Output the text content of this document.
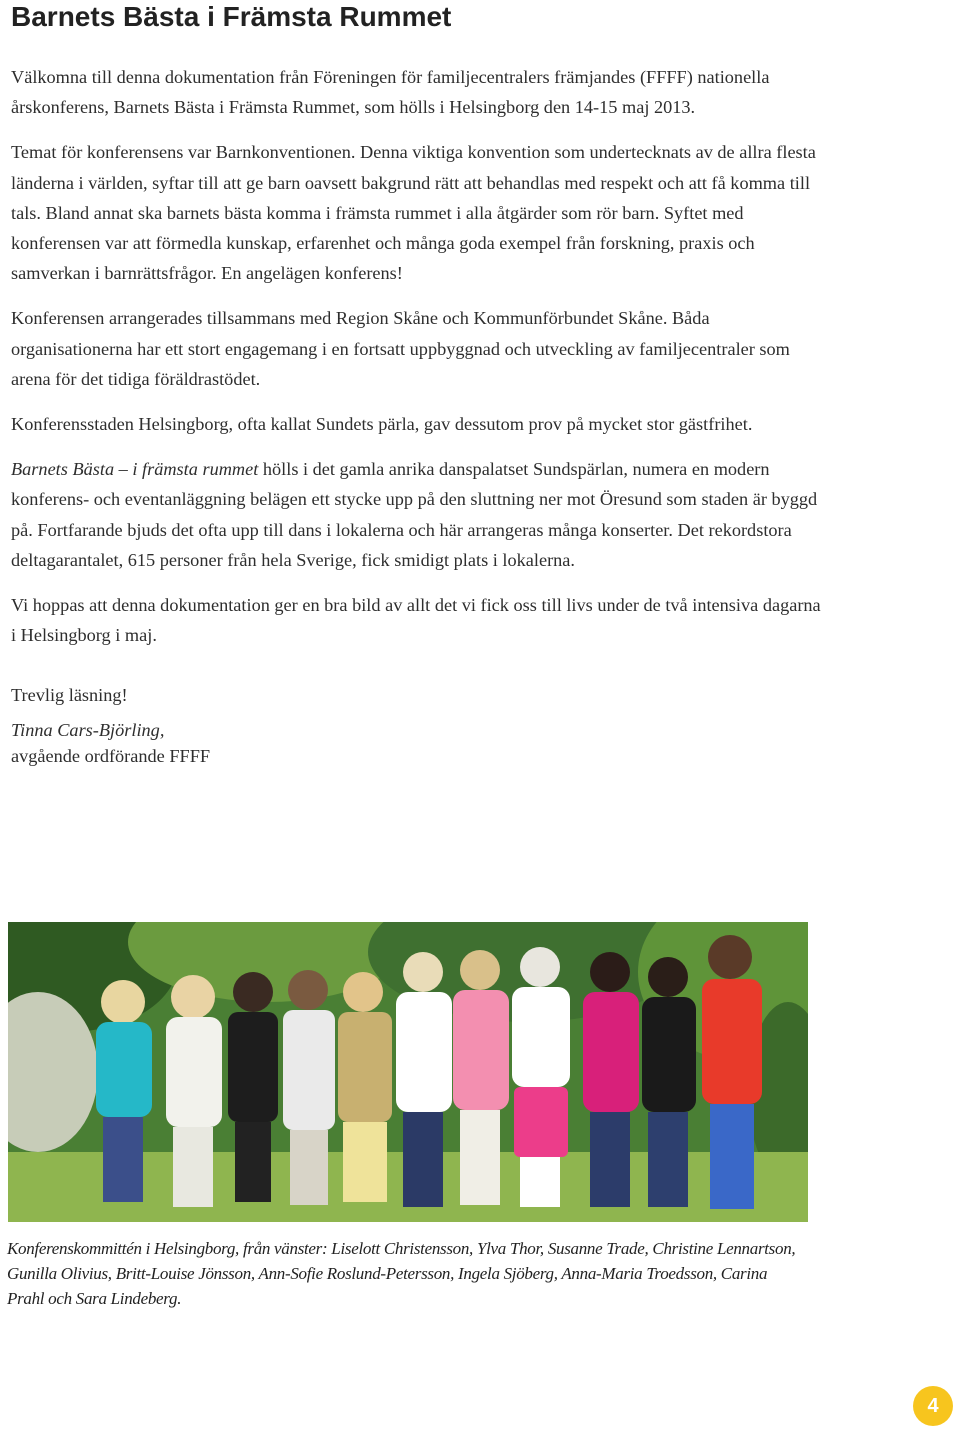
Barnets Bästa i Främsta Rummet

Välkomna till denna dokumentation från Föreningen för familjecentralers främjandes (FFFF) nationella årskonferens, Barnets Bästa i Främsta Rummet, som hölls i Helsingborg den 14-15 maj 2013.

Temat för konferensens var Barnkonventionen. Denna viktiga konvention som undertecknats av de allra flesta länderna i världen, syftar till att ge barn oavsett bakgrund rätt att behandlas med respekt och att få komma till tals. Bland annat ska barnets bästa komma i främsta rummet i alla åtgärder som rör barn. Syftet med konferensen var att förmedla kunskap, erfarenhet och många goda exempel från forskning, praxis och samverkan i barnrättsfrågor. En angelägen konferens!

Konferensen arrangerades tillsammans med Region Skåne och Kommunförbundet Skåne. Båda organisationerna har ett stort engagemang i en fortsatt uppbyggnad och utveckling av familjecentraler som arena för det tidiga föräldrastödet.

Konferensstaden Helsingborg, ofta kallat Sundets pärla, gav dessutom prov på mycket stor gästfrihet.

Barnets Bästa – i främsta rummet hölls i det gamla anrika danspalatset Sundspärlan, numera en modern konferens- och eventanläggning belägen ett stycke upp på den sluttning ner mot Öresund som staden är byggd på. Fortfarande bjuds det ofta upp till dans i lokalerna och här arrangeras många konserter. Det rekordstora deltagarantalet, 615 personer från hela Sverige, fick smidigt plats i lokalerna.

Vi hoppas att denna dokumentation ger en bra bild av allt det vi fick oss till livs under de två intensiva dagarna i Helsingborg i maj.

Trevlig läsning!

Tinna Cars-Björling,
avgående ordförande FFFF

Konferenskommittén i Helsingborg, från vänster: Liselott Christensson, Ylva Thor, Susanne Trade, Christine Lennartson, Gunilla Olivius, Britt-Louise Jönsson, Ann-Sofie Roslund-Petersson, Ingela Sjöberg, Anna-Maria Troedsson, Carina Prahl och Sara Lindeberg.
4
